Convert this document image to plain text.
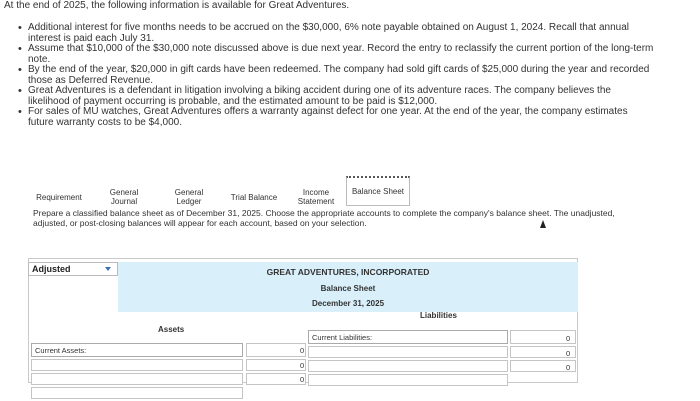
At the end of 2025, the following information is available for Great Adventures.
• Additional interest for five months needs to be accrued on the $30,000, 6% note payable obtained on August 1, 2024. Recall that annual interest is paid each July 31.
• Assume that $10,000 of the $30,000 note discussed above is due next year. Record the entry to reclassify the current portion of the long-term note.
• By the end of the year, $20,000 in gift cards have been redeemed. The company had sold gift cards of $25,000 during the year and recorded those as Deferred Revenue.
• Great Adventures is a defendant in litigation involving a biking accident during one of its adventure races. The company believes the likelihood of payment occurring is probable, and the estimated amount to be paid is $12,000.
• For sales of MU watches, Great Adventures offers a warranty against defect for one year. At the end of the year, the company estimates future warranty costs to be $4,000.
Requirement	General Journal
General Ledger	Trial Balance	Income Statement
Balance Sheet
Prepare a classified balance sheet as of December 31, 2025. Choose the appropriate accounts to complete the company's balance sheet. The unadjusted, adjusted, or post-closing balances will appear for each account, based on your selection.
Adjusted	GREAT ADVENTURES, INCORPORATED
Balance Sheet
December 31, 2025
Liabilities
Assets
Current Assets:	0
0
0
Current Liabilities:	0
0
0
